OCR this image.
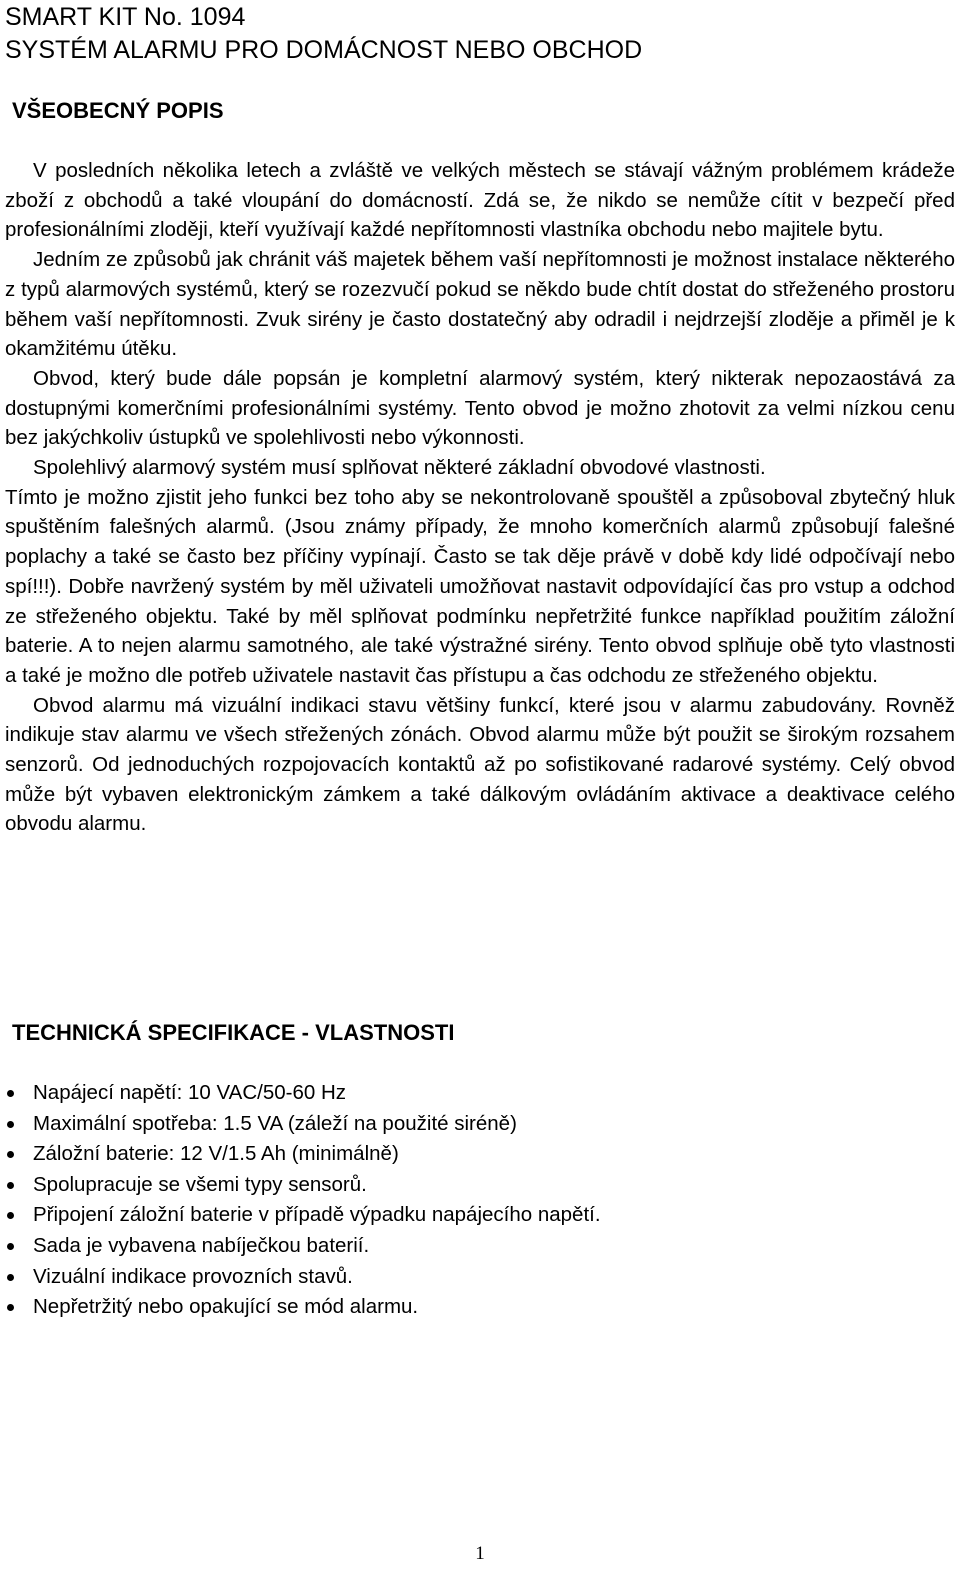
SMART KIT No. 1094
SYSTÉM ALARMU PRO DOMÁCNOST NEBO OBCHOD
VŠEOBECNÝ POPIS

V posledních několika letech a zvláště ve velkých městech se stávají vážným problémem krádeže zboží z obchodů a také vloupání do domácností. Zdá se, že nikdo se nemůže cítit v bezpečí před profesionálními zloději, kteří využívají každé nepřítomnosti vlastníka obchodu nebo majitele bytu.

Jedním ze způsobů jak chránit váš majetek během vaší nepřítomnosti je možnost instalace některého z typů alarmových systémů, který se rozezvučí pokud se někdo bude chtít dostat do střeženého prostoru během vaší nepřítomnosti. Zvuk sirény je často dostatečný aby odradil i nejdrzejší zloděje a přiměl je k okamžitému útěku.

Obvod, který bude dále popsán je kompletní alarmový systém, který nikterak nepozaostává za dostupnými komerčními profesionálními systémy. Tento obvod je možno zhotovit za velmi nízkou cenu bez jakýchkoliv ústupků ve spolehlivosti nebo výkonnosti.

Spolehlivý alarmový systém musí splňovat některé základní obvodové vlastnosti.

Tímto je možno zjistit jeho funkci bez toho aby se nekontrolovaně spouštěl a způsoboval zbytečný hluk spuštěním falešných alarmů. (Jsou známy případy, že mnoho komerčních alarmů způsobují falešné poplachy a také se často bez příčiny vypínají. Často se tak děje právě v době kdy lidé odpočívají nebo spí!!!). Dobře navržený systém by měl uživateli umožňovat nastavit odpovídající čas pro vstup a odchod ze střeženého objektu. Také by měl splňovat podmínku nepřetržité funkce například použitím záložní baterie. A to nejen alarmu samotného, ale také výstražné sirény. Tento obvod splňuje obě tyto vlastnosti a také je možno dle potřeb uživatele nastavit čas přístupu a čas odchodu ze střeženého objektu.

Obvod alarmu má vizuální indikaci stavu většiny funkcí, které jsou v alarmu zabudovány. Rovněž indikuje stav alarmu ve všech střežených zónách. Obvod alarmu může být použit se širokým rozsahem senzorů. Od jednoduchých rozpojovacích kontaktů až po sofistikované radarové systémy. Celý obvod může být vybaven elektronickým zámkem a také dálkovým ovládáním aktivace a deaktivace celého obvodu alarmu.

TECHNICKÁ SPECIFIKACE - VLASTNOSTI
Napájecí napětí: 10 VAC/50-60 Hz
Maximální spotřeba: 1.5 VA (záleží na použité siréně)
Záložní baterie: 12 V/1.5 Ah (minimálně)
Spolupracuje se všemi typy sensorů.
Připojení záložní baterie v případě výpadku napájecího napětí.
Sada je vybavena nabíječkou baterií.
Vizuální indikace provozních stavů.
Nepřetržitý nebo opakující se mód alarmu.
1
